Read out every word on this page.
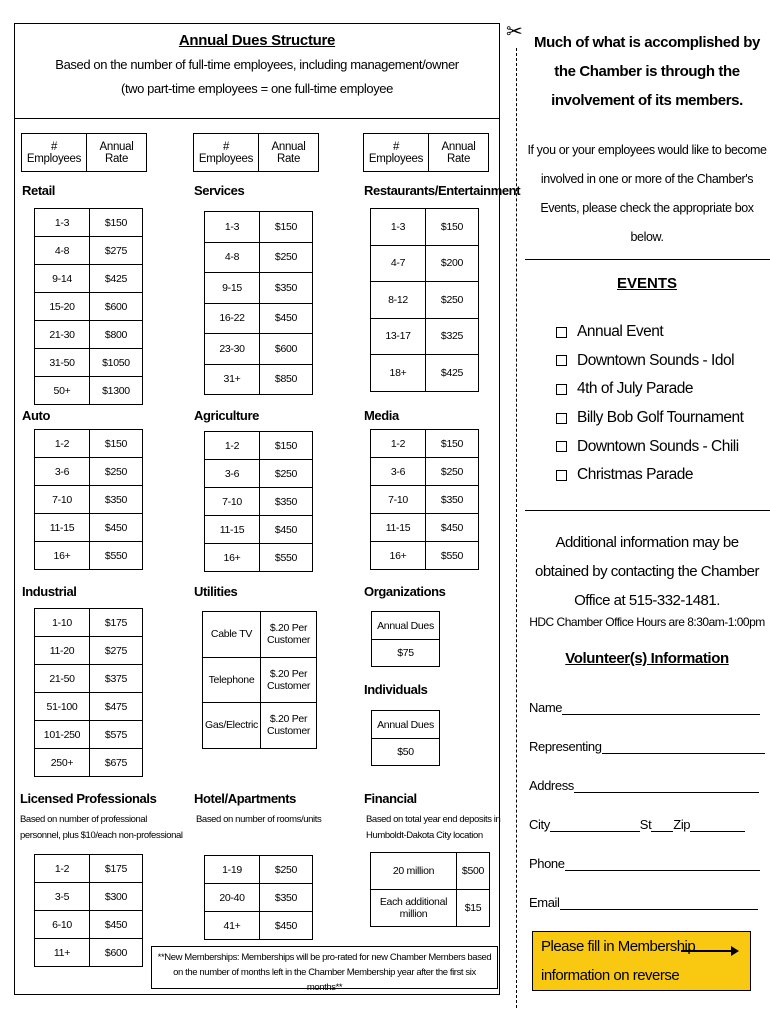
Annual Dues Structure
Based on the number of full-time employees, including management/owner
(two part-time employees = one full-time employee
# Employees	Annual Rate
# Employees	Annual Rate
# Employees	Annual Rate
Retail	Services	Restaurants/Entertainment
Auto	Agriculture	Media
Industrial	Utilities	Organizations
Individuals
Licensed Professionals	Hotel/Apartments	Financial
Based on number of professional personnel, plus $10/each non-professional
Based on number of rooms/units	Based on total year end deposits in Humboldt-Dakota City location
1-3	$150
4-8	$275
9-14	$425
15-20	$600
21-30	$800
31-50	$1050
50+	$1300
1-3	$150
4-8	$250
9-15	$350
16-22	$450
23-30	$600
31+	$850
1-3	$150
4-7	$200
8-12	$250
13-17	$325
18+	$425
1-2	$150
3-6	$250
7-10	$350
11-15	$450
16+	$550
1-2	$150
3-6	$250
7-10	$350
11-15	$450
16+	$550
1-2	$150
3-6	$250
7-10	$350
11-15	$450
16+	$550
1-10	$175
11-20	$275
21-50	$375
51-100	$475
101-250	$575
250+	$675
Cable TV	$.20 Per Customer
Telephone	$.20 Per Customer
Gas/Electric	$.20 Per Customer
1-2	$175
3-5	$300
6-10	$450
11+	$600
1-19	$250
20-40	$350
41+	$450
20 million	$500
Each additional million	$15
Annual Dues
$75
Annual Dues
$50
**New Memberships: Memberships will be pro-rated for new Chamber Members based on the number of months left in the Chamber Membership year after the first six months**
✂ Much of what is accomplished by the Chamber is through the involvement of its members.
If you or your employees would like to become involved in one or more of the Chamber's Events, please check the appropriate box below.
EVENTS
Annual Event
Downtown Sounds - Idol
4th of July Parade
Billy Bob Golf Tournament
Downtown Sounds - Chili
Christmas Parade
Additional information may be obtained by contacting the Chamber Office at 515-332-1481.
HDC Chamber Office Hours are 8:30am-1:00pm
Volunteer(s) Information
Name
Representing
Address
City	St Zip
Phone
Email
Please fill in Membership
information on reverse
